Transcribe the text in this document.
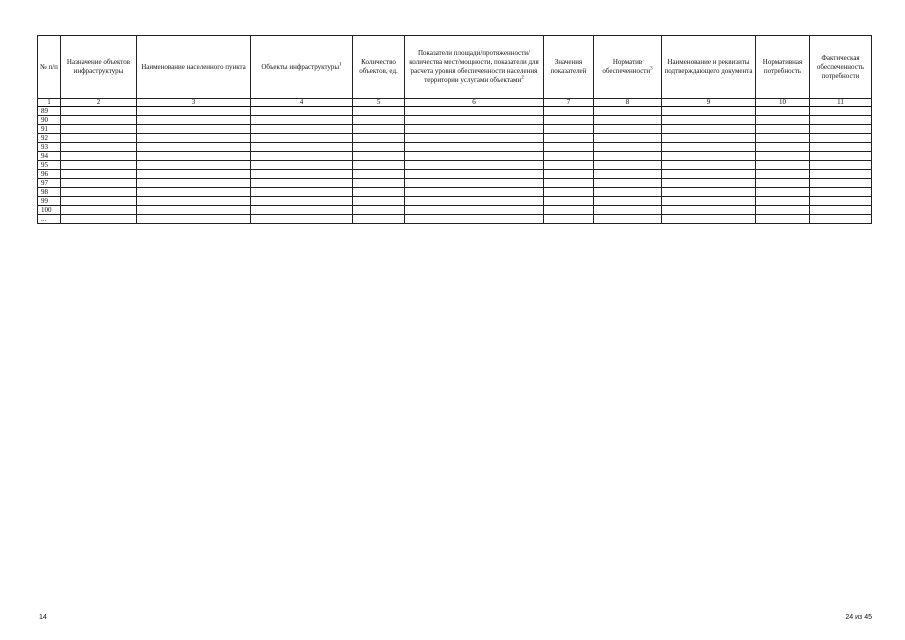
№ п/п	Назначение объектов инфраструктуры	Наименование населенного пункта	Объекты инфраструктуры$^1$	Количество объектов, ед.	Показатели площади/протяженности/количества мест/мощности, показатели для расчета уровня обеспеченности населения территории услугами объектами$^2$	Значения показателей	Норматив обеспеченности$^3$	Наименование и реквизиты подтверждающего документа	Нормативная потребность	Фактическая обеспеченность потребности
1	2	3	4	5	6	7	8	9	10	11
89										
90										
91										
92										
93										
94										
95										
96										
97										
98										
99										
100										
...										
14	24 из 45
